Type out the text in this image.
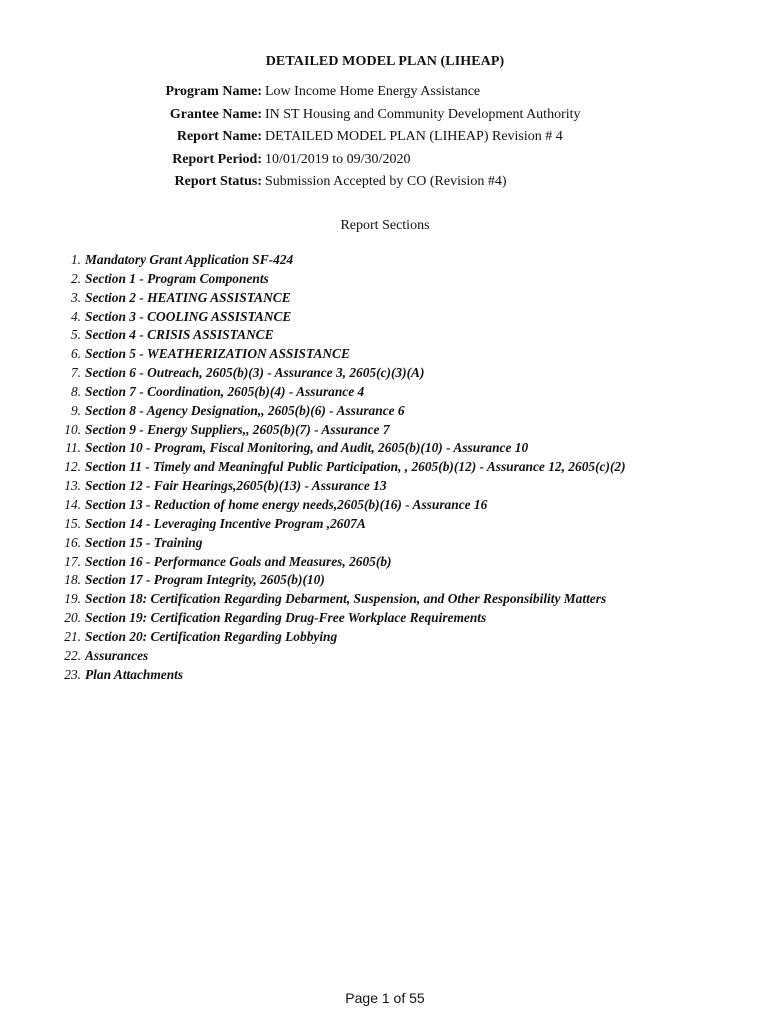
DETAILED MODEL PLAN (LIHEAP)
Program Name: Low Income Home Energy Assistance
Grantee Name: IN ST Housing and Community Development Authority
Report Name: DETAILED MODEL PLAN (LIHEAP) Revision # 4
Report Period: 10/01/2019 to 09/30/2020
Report Status: Submission Accepted by CO (Revision #4)
Report Sections
1. Mandatory Grant Application SF-424
2. Section 1 - Program Components
3. Section 2 - HEATING ASSISTANCE
4. Section 3 - COOLING ASSISTANCE
5. Section 4 - CRISIS ASSISTANCE
6. Section 5 - WEATHERIZATION ASSISTANCE
7. Section 6 - Outreach, 2605(b)(3) - Assurance 3, 2605(c)(3)(A)
8. Section 7 - Coordination, 2605(b)(4) - Assurance 4
9. Section 8 - Agency Designation,, 2605(b)(6) - Assurance 6
10. Section 9 - Energy Suppliers,, 2605(b)(7) - Assurance 7
11. Section 10 - Program, Fiscal Monitoring, and Audit, 2605(b)(10) - Assurance 10
12. Section 11 - Timely and Meaningful Public Participation, , 2605(b)(12) - Assurance 12, 2605(c)(2)
13. Section 12 - Fair Hearings,2605(b)(13) - Assurance 13
14. Section 13 - Reduction of home energy needs,2605(b)(16) - Assurance 16
15. Section 14 - Leveraging Incentive Program ,2607A
16. Section 15 - Training
17. Section 16 - Performance Goals and Measures, 2605(b)
18. Section 17 - Program Integrity, 2605(b)(10)
19. Section 18: Certification Regarding Debarment, Suspension, and Other Responsibility Matters
20. Section 19: Certification Regarding Drug-Free Workplace Requirements
21. Section 20: Certification Regarding Lobbying
22. Assurances
23. Plan Attachments
Page 1 of 55
